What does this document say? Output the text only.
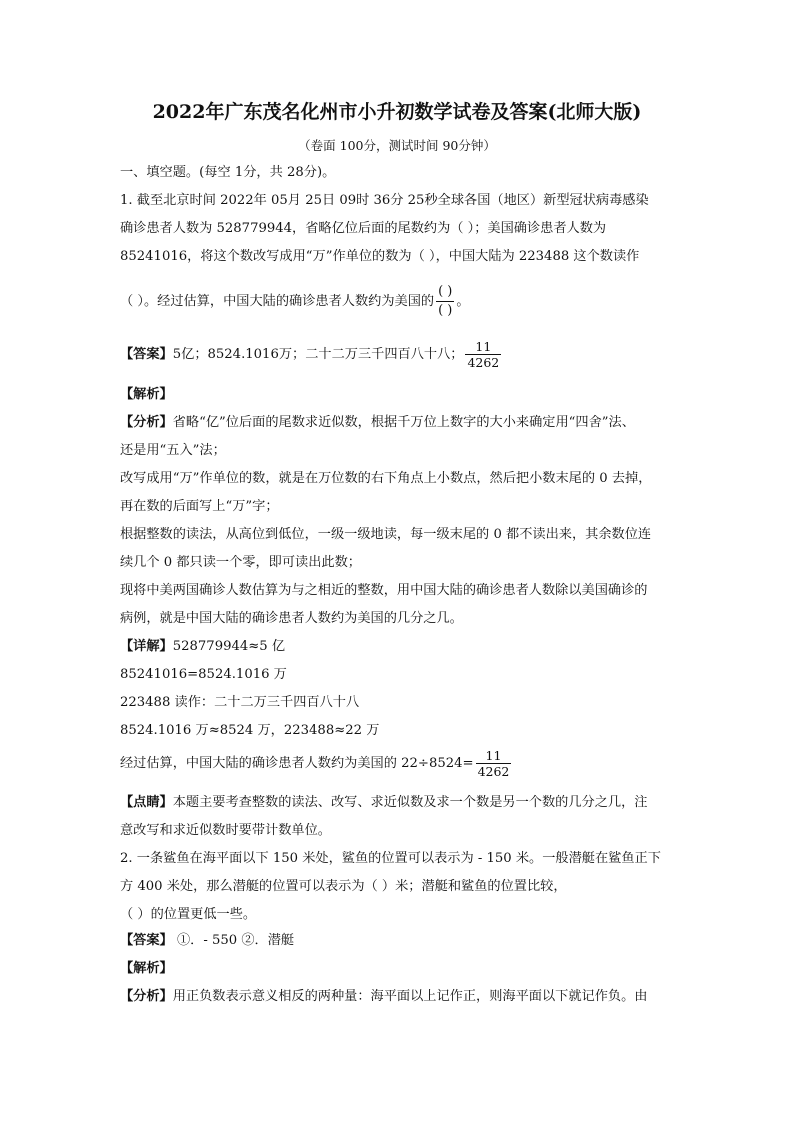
2022年广东茂名化州市小升初数学试卷及答案(北师大版)
（卷面 100分，测试时间 90分钟）
一、填空题。(每空 1分，共 28分)。
1. 截至北京时间 2022年 05月 25日 09时 36分 25秒全球各国（地区）新型冠状病毒感染
确诊患者人数为 528779944，省略亿位后面的尾数约为（ ）；美国确诊患者人数为
85241016，将这个数改写成用“万”作单位的数为（ ），中国大陆为 223488 这个数读作
（ ）。经过估算，中国大陆的确诊患者人数约为美国的 $\frac{( )}{( )}$ 。
【答案】5亿；8524.1016万；二十二万三千四百八十八； $\frac{11}{4262}$
【解析】
【分析】省略“亿”位后面的尾数求近似数，根据千万位上数字的大小来确定用“四舍”法、
还是用“五入”法；
改写成用“万”作单位的数，就是在万位数的右下角点上小数点，然后把小数末尾的 0 去掉，
再在数的后面写上“万”字；
根据整数的读法，从高位到低位，一级一级地读，每一级末尾的 0 都不读出来，其余数位连
续几个 0 都只读一个零，即可读出此数；
现将中美两国确诊人数估算为与之相近的整数，用中国大陆的确诊患者人数除以美国确诊的
病例，就是中国大陆的确诊患者人数约为美国的几分之几。
【详解】528779944≈5 亿
85241016=8524.1016 万
223488 读作：二十二万三千四百八十八
8524.1016 万≈8524 万，223488≈22 万
经过估算，中国大陆的确诊患者人数约为美国的 $22\div 8524= \frac{11}{4262}$
【点睛】本题主要考查整数的读法、改写、求近似数及求一个数是另一个数的几分之几，注
意改写和求近似数时要带计数单位。
2. 一条鲨鱼在海平面以下 150 米处，鲨鱼的位置可以表示为 - 150 米。一般潜艇在鲨鱼正下
方 400 米处，那么潜艇的位置可以表示为（ ）米；潜艇和鲨鱼的位置比较，
（ ）的位置更低一些。
【答案】 ①．- 550 ②．潜艇
【解析】
【分析】用正负数表示意义相反的两种量：海平面以上记作正，则海平面以下就记作负。由
